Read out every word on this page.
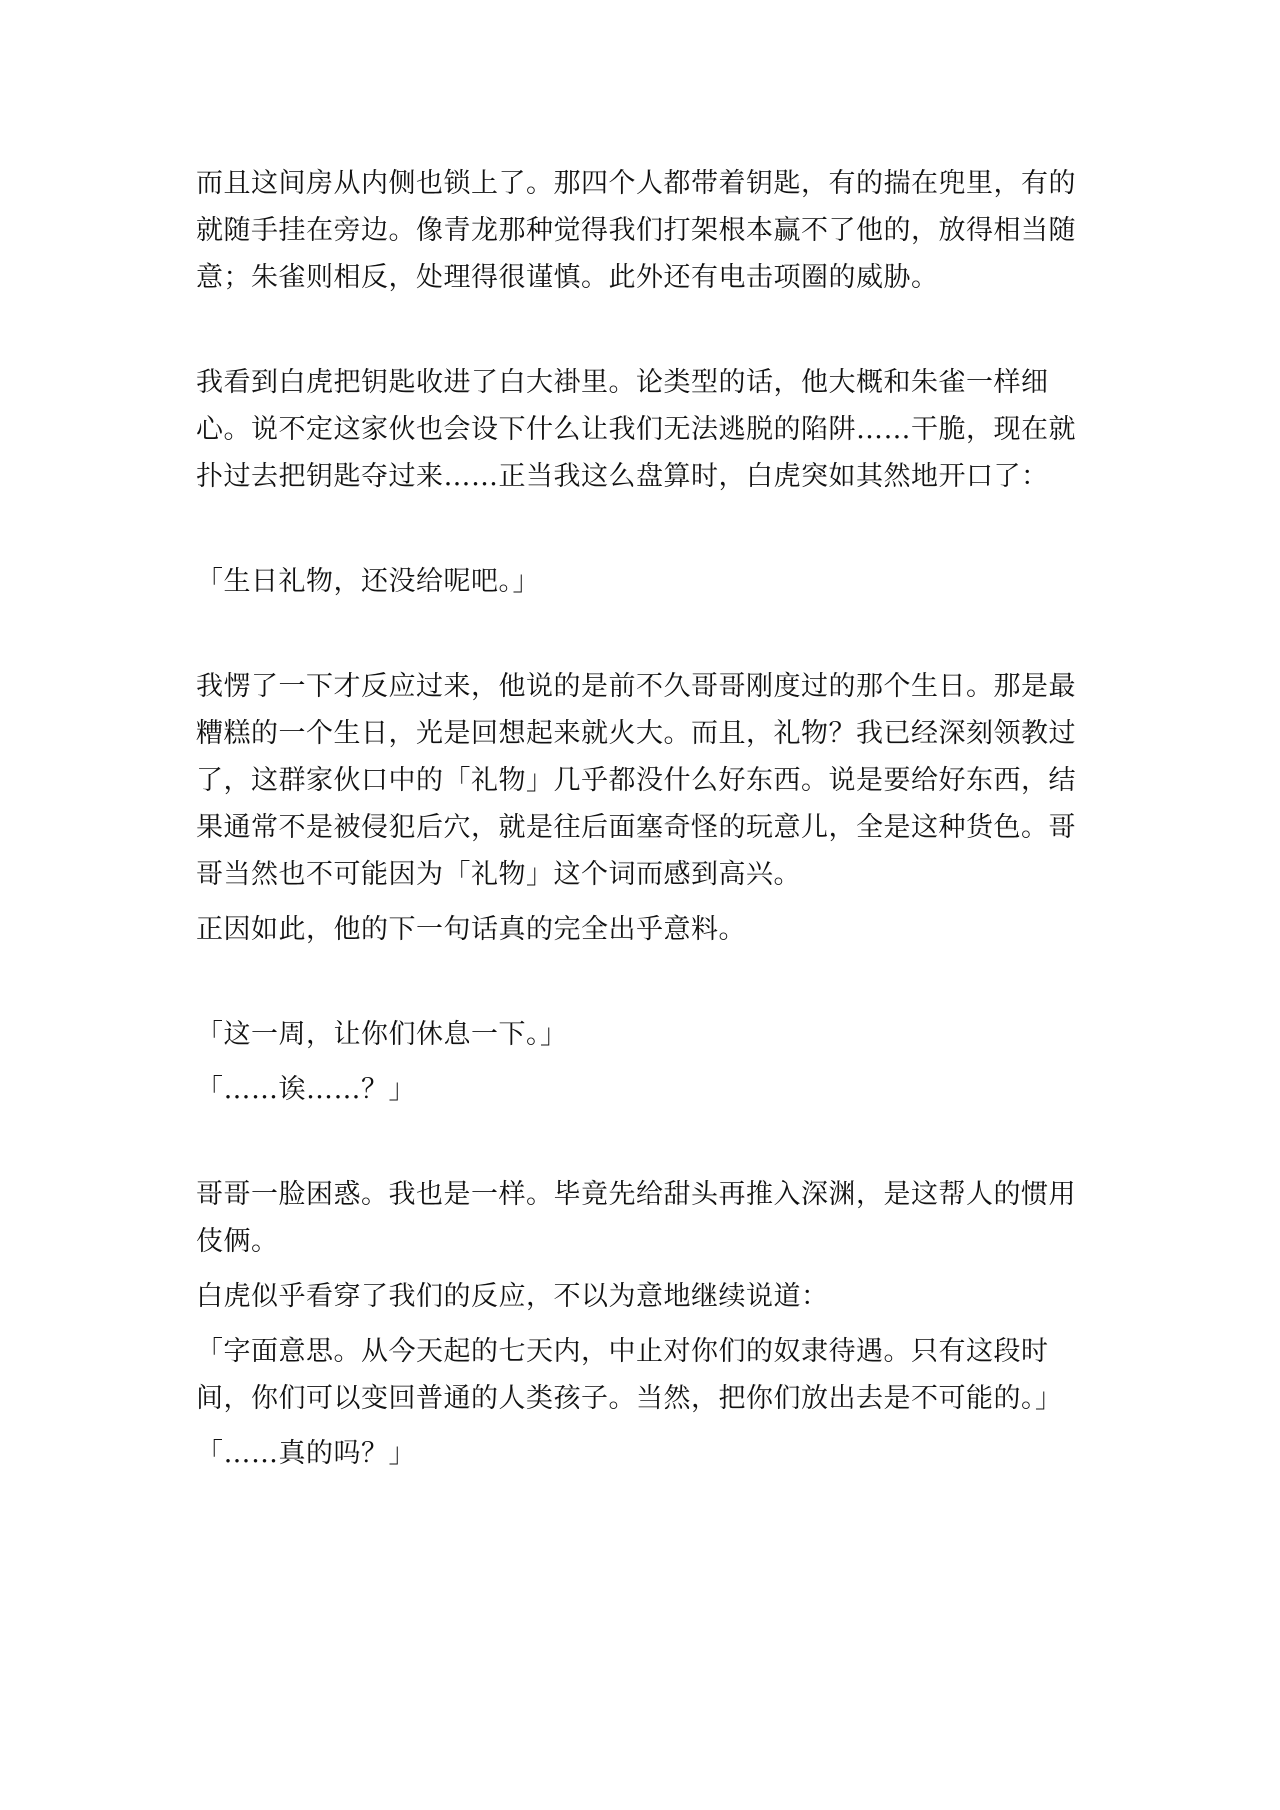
而且这间房从内侧也锁上了。那四个人都带着钥匙，有的揣在兜里，有的就随手挂在旁边。像青龙那种觉得我们打架根本赢不了他的，放得相当随意；朱雀则相反，处理得很谨慎。此外还有电击项圈的威胁。

我看到白虎把钥匙收进了白大褂里。论类型的话，他大概和朱雀一样细心。说不定这家伙也会设下什么让我们无法逃脱的陷阱……干脆，现在就扑过去把钥匙夺过来……正当我这么盘算时，白虎突如其然地开口了：

「生日礼物，还没给呢吧。」

我愣了一下才反应过来，他说的是前不久哥哥刚度过的那个生日。那是最糟糕的一个生日，光是回想起来就火大。而且，礼物？我已经深刻领教过了，这群家伙口中的「礼物」几乎都没什么好东西。说是要给好东西，结果通常不是被侵犯后穴，就是往后面塞奇怪的玩意儿，全是这种货色。哥哥当然也不可能因为「礼物」这个词而感到高兴。

正因如此，他的下一句话真的完全出乎意料。

「这一周，让你们休息一下。」

「……诶……？」

哥哥一脸困惑。我也是一样。毕竟先给甜头再推入深渊，是这帮人的惯用伎俩。

白虎似乎看穿了我们的反应，不以为意地继续说道：

「字面意思。从今天起的七天内，中止对你们的奴隶待遇。只有这段时间，你们可以变回普通的人类孩子。当然，把你们放出去是不可能的。」

「……真的吗？」
